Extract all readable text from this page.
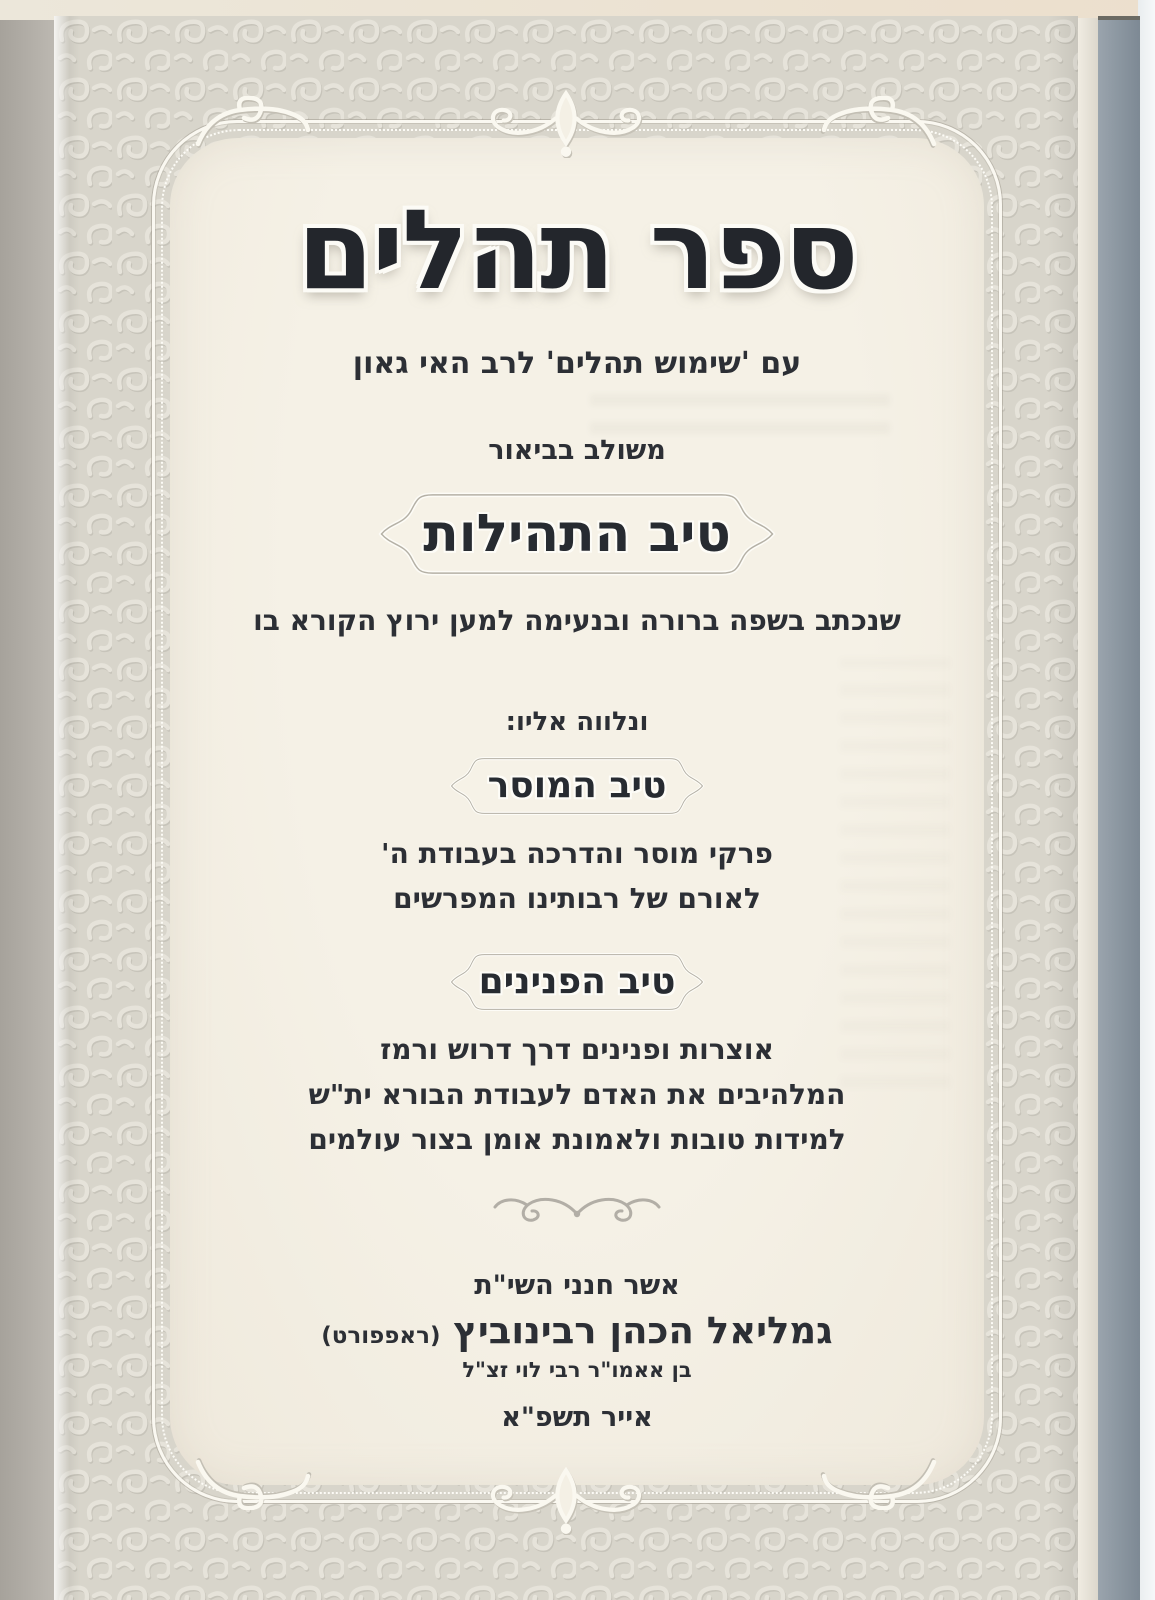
ספר תהלים
עם 'שימוש תהלים' לרב האי גאון
משולב בביאור
טיב התהילות
שנכתב בשפה ברורה ובנעימה למען ירוץ הקורא בו
ונלווה אליו:
טיב המוסר
פרקי מוסר והדרכה בעבודת ה'
לאורם של רבותינו המפרשים
טיב הפנינים
אוצרות ופנינים דרך דרוש ורמז
המלהיבים את האדם לעבודת הבורא ית"ש
למידות טובות ולאמונת אומן בצור עולמים
אשר חנני השי"ת
גמליאל הכהן רבינוביץ (ראפפורט)
בן אאמו"ר רבי לוי זצ"ל
אייר תשפ"א
